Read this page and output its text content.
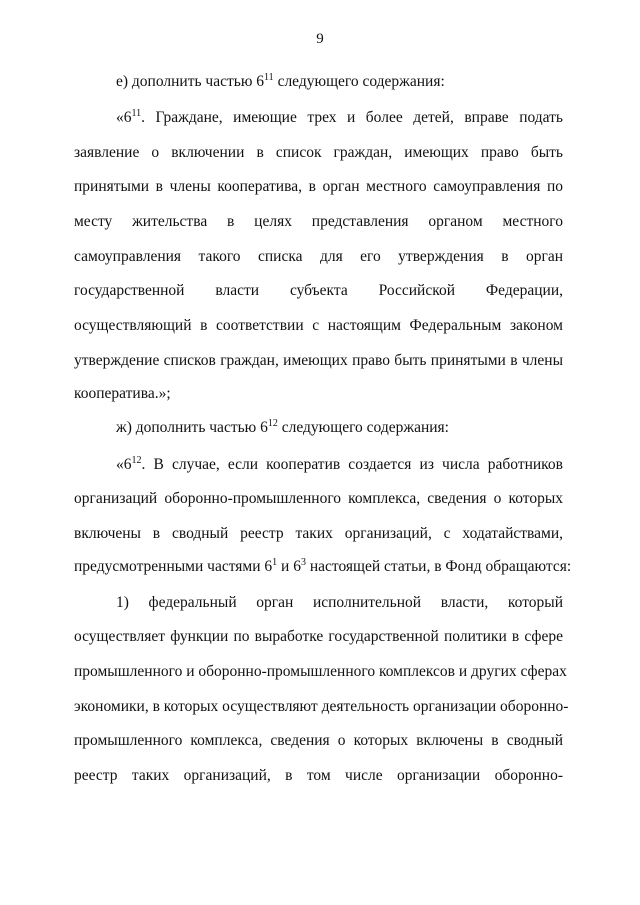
9
е) дополнить частью $6^{11}$ следующего содержания:
«$6^{11}$. Граждане, имеющие трех и более детей, вправе подать
заявление о включении в список граждан, имеющих право быть
принятыми в члены кооператива, в орган местного самоуправления по
месту жительства в целях представления органом местного
самоуправления такого списка для его утверждения в орган
государственной власти субъекта Российской Федерации,
осуществляющий в соответствии с настоящим Федеральным законом
утверждение списков граждан, имеющих право быть принятыми в члены
кооператива.»;
ж) дополнить частью $6^{12}$ следующего содержания:
«$6^{12}$. В случае, если кооператив создается из числа работников
организаций оборонно-промышленного комплекса, сведения о которых
включены в сводный реестр таких организаций, с ходатайствами,
предусмотренными частями $6^1$ и $6^3$ настоящей статьи, в Фонд обращаются:
1) федеральный орган исполнительной власти, который
осуществляет функции по выработке государственной политики в сфере
промышленного и оборонно-промышленного комплексов и других сферах
экономики, в которых осуществляют деятельность организации оборонно-
промышленного комплекса, сведения о которых включены в сводный
реестр таких организаций, в том числе организации оборонно-
